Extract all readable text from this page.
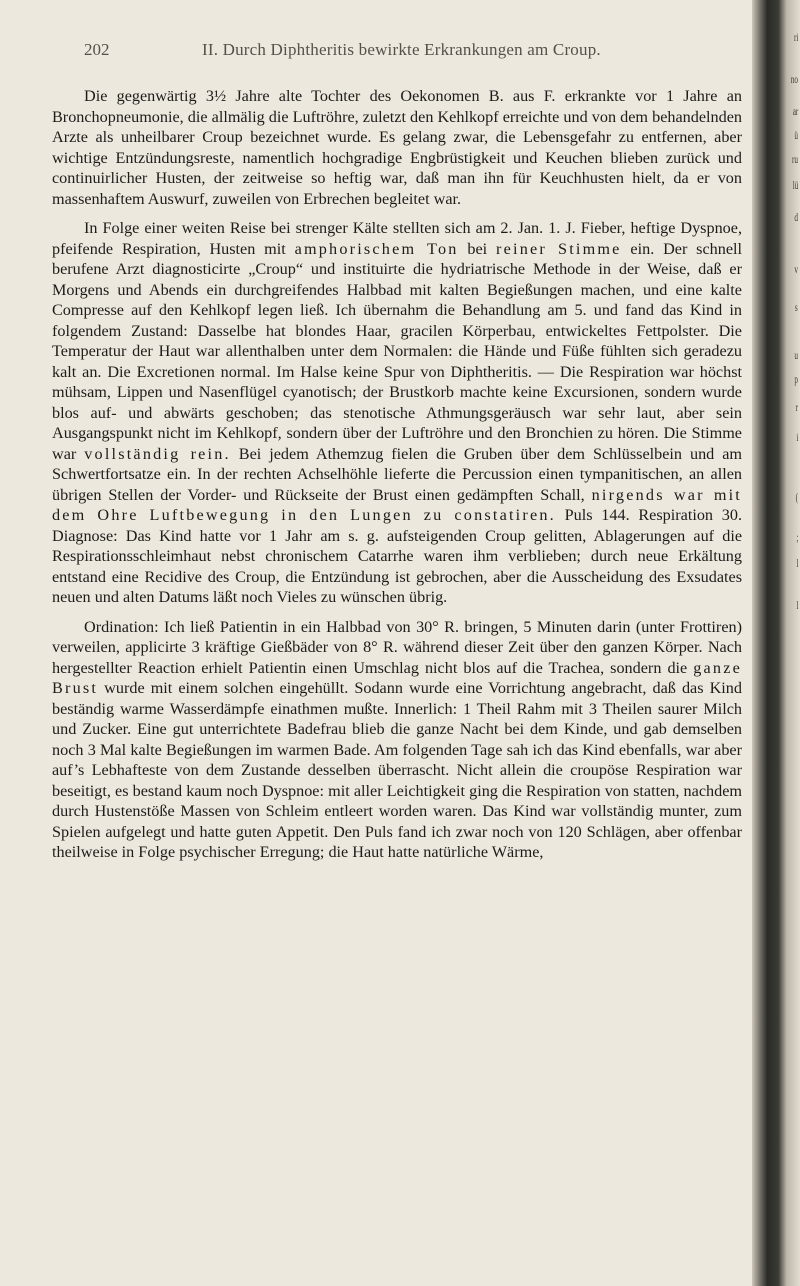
202	II. Durch Diphtheritis bewirkte Erkrankungen am Croup.

Die gegenwärtig 3½ Jahre alte Tochter des Oekonomen B. aus F. erkrankte vor 1 Jahre an Bronchopneumonie, die allmälig die Luftröhre, zuletzt den Kehlkopf erreichte und von dem behandelnden Arzte als unheilbarer Croup bezeichnet wurde. Es gelang zwar, die Lebensgefahr zu entfernen, aber wichtige Entzündungsreste, namentlich hochgradige Engbrüstigkeit und Keuchen blieben zurück und continuirlicher Husten, der zeitweise so heftig war, daß man ihn für Keuchhusten hielt, da er von massenhaftem Auswurf, zuweilen von Erbrechen begleitet war.

In Folge einer weiten Reise bei strenger Kälte stellten sich am 2. Jan. 1. J. Fieber, heftige Dyspnoe, pfeifende Respiration, Husten mit amphorischem Ton bei reiner Stimme ein. Der schnell berufene Arzt diagnosticirte „Croup“ und instituirte die hydriatrische Methode in der Weise, daß er Morgens und Abends ein durchgreifendes Halbbad mit kalten Begießungen machen, und eine kalte Compresse auf den Kehlkopf legen ließ. Ich übernahm die Behandlung am 5. und fand das Kind in folgendem Zustand: Dasselbe hat blondes Haar, gracilen Körperbau, entwickeltes Fettpolster. Die Temperatur der Haut war allenthalben unter dem Normalen: die Hände und Füße fühlten sich geradezu kalt an. Die Excretionen normal. Im Halse keine Spur von Diphtheritis. — Die Respiration war höchst mühsam, Lippen und Nasenflügel cyanotisch; der Brustkorb machte keine Excursionen, sondern wurde blos auf- und abwärts geschoben; das stenotische Athmungsgeräusch war sehr laut, aber sein Ausgangspunkt nicht im Kehlkopf, sondern über der Luftröhre und den Bronchien zu hören. Die Stimme war vollständig rein. Bei jedem Athemzug fielen die Gruben über dem Schlüsselbein und am Schwertfortsatze ein. In der rechten Achselhöhle lieferte die Percussion einen tympanitischen, an allen übrigen Stellen der Vorder- und Rückseite der Brust einen gedämpften Schall, nirgends war mit dem Ohre Luftbewegung in den Lungen zu constatiren. Puls 144. Respiration 30. Diagnose: Das Kind hatte vor 1 Jahr am s. g. aufsteigenden Croup gelitten, Ablagerungen auf die Respirationsschleimhaut nebst chronischem Catarrhe waren ihm verblieben; durch neue Erkältung entstand eine Recidive des Croup, die Entzündung ist gebrochen, aber die Ausscheidung des Exsudates neuen und alten Datums läßt noch Vieles zu wünschen übrig.

Ordination: Ich ließ Patientin in ein Halbbad von 30° R. bringen, 5 Minuten darin (unter Frottiren) verweilen, applicirte 3 kräftige Gießbäder von 8° R. während dieser Zeit über den ganzen Körper. Nach hergestellter Reaction erhielt Patientin einen Umschlag nicht blos auf die Trachea, sondern die ganze Brust wurde mit einem solchen eingehüllt. Sodann wurde eine Vorrichtung angebracht, daß das Kind beständig warme Wasserdämpfe einathmen mußte. Innerlich: 1 Theil Rahm mit 3 Theilen saurer Milch und Zucker. Eine gut unterrichtete Badefrau blieb die ganze Nacht bei dem Kinde, und gab demselben noch 3 Mal kalte Begießungen im warmen Bade. Am folgenden Tage sah ich das Kind ebenfalls, war aber auf’s Lebhafteste von dem Zustande desselben überrascht. Nicht allein die croupöse Respiration war beseitigt, es bestand kaum noch Dyspnoe: mit aller Leichtigkeit ging die Respiration von statten, nachdem durch Hustenstöße Massen von Schleim entleert worden waren. Das Kind war vollständig munter, zum Spielen aufgelegt und hatte guten Appetit. Den Puls fand ich zwar noch von 120 Schlägen, aber offenbar theilweise in Folge psychischer Erregung; die Haut hatte natürliche Wärme,

ri
no
ar
ü
ru
lü
d
v
s
u
p
r
i
(
;
l
l
